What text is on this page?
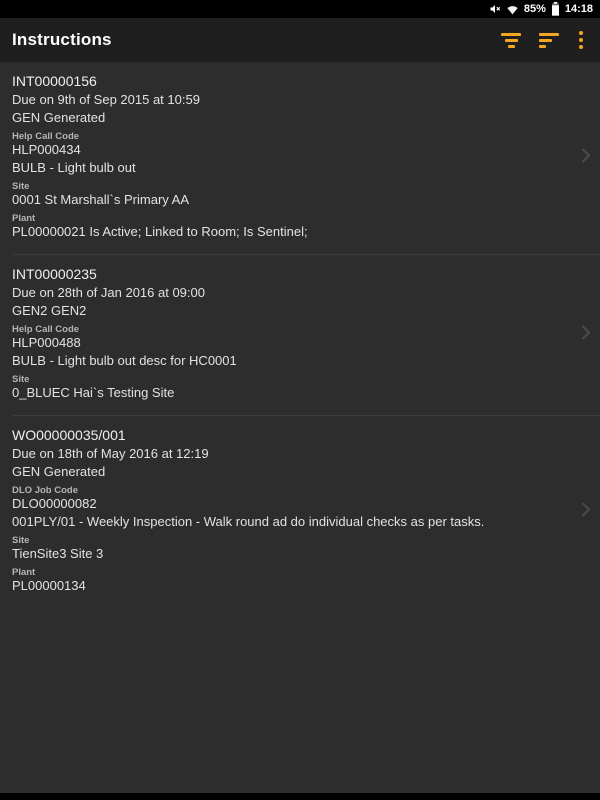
85% 14:18
Instructions
INT00000156
Due on 9th of Sep 2015 at 10:59
GEN Generated
Help Call Code
HLP000434
BULB - Light bulb out
Site
0001 St Marshall`s Primary AA
Plant
PL00000021 Is Active; Linked to Room; Is Sentinel;
INT00000235
Due on 28th of Jan 2016 at 09:00
GEN2 GEN2
Help Call Code
HLP000488
BULB - Light bulb out desc for HC0001
Site
0_BLUEC Hai`s Testing Site
WO00000035/001
Due on 18th of May 2016 at 12:19
GEN Generated
DLO Job Code
DLO00000082
001PLY/01 - Weekly Inspection - Walk round ad do individual checks as per tasks.
Site
TienSite3 Site 3
Plant
PL00000134
